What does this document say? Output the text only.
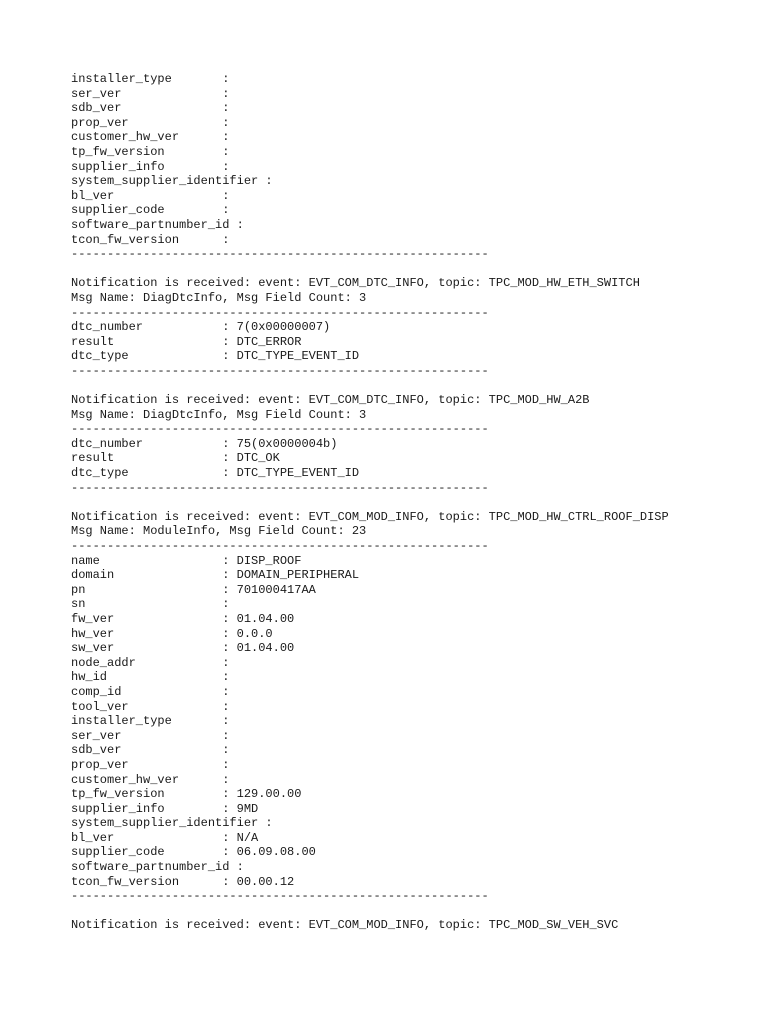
installer_type       :
ser_ver              :
sdb_ver              :
prop_ver             :
customer_hw_ver      :
tp_fw_version        :
supplier_info        :
system_supplier_identifier :
bl_ver               :
supplier_code        :
software_partnumber_id :
tcon_fw_version      :
----------------------------------------------------------
Notification is received: event: EVT_COM_DTC_INFO, topic: TPC_MOD_HW_ETH_SWITCH
Msg Name: DiagDtcInfo, Msg Field Count: 3
----------------------------------------------------------
dtc_number           : 7(0x00000007)
result               : DTC_ERROR
dtc_type             : DTC_TYPE_EVENT_ID
----------------------------------------------------------
Notification is received: event: EVT_COM_DTC_INFO, topic: TPC_MOD_HW_A2B
Msg Name: DiagDtcInfo, Msg Field Count: 3
----------------------------------------------------------
dtc_number           : 75(0x0000004b)
result               : DTC_OK
dtc_type             : DTC_TYPE_EVENT_ID
----------------------------------------------------------
Notification is received: event: EVT_COM_MOD_INFO, topic: TPC_MOD_HW_CTRL_ROOF_DISP
Msg Name: ModuleInfo, Msg Field Count: 23
----------------------------------------------------------
name                 : DISP_ROOF
domain               : DOMAIN_PERIPHERAL
pn                   : 701000417AA
sn                   :
fw_ver               : 01.04.00
hw_ver               : 0.0.0
sw_ver               : 01.04.00
node_addr            :
hw_id                :
comp_id              :
tool_ver             :
installer_type       :
ser_ver              :
sdb_ver              :
prop_ver             :
customer_hw_ver      :
tp_fw_version        : 129.00.00
supplier_info        : 9MD
system_supplier_identifier :
bl_ver               : N/A
supplier_code        : 06.09.08.00
software_partnumber_id :
tcon_fw_version      : 00.00.12
----------------------------------------------------------
Notification is received: event: EVT_COM_MOD_INFO, topic: TPC_MOD_SW_VEH_SVC
